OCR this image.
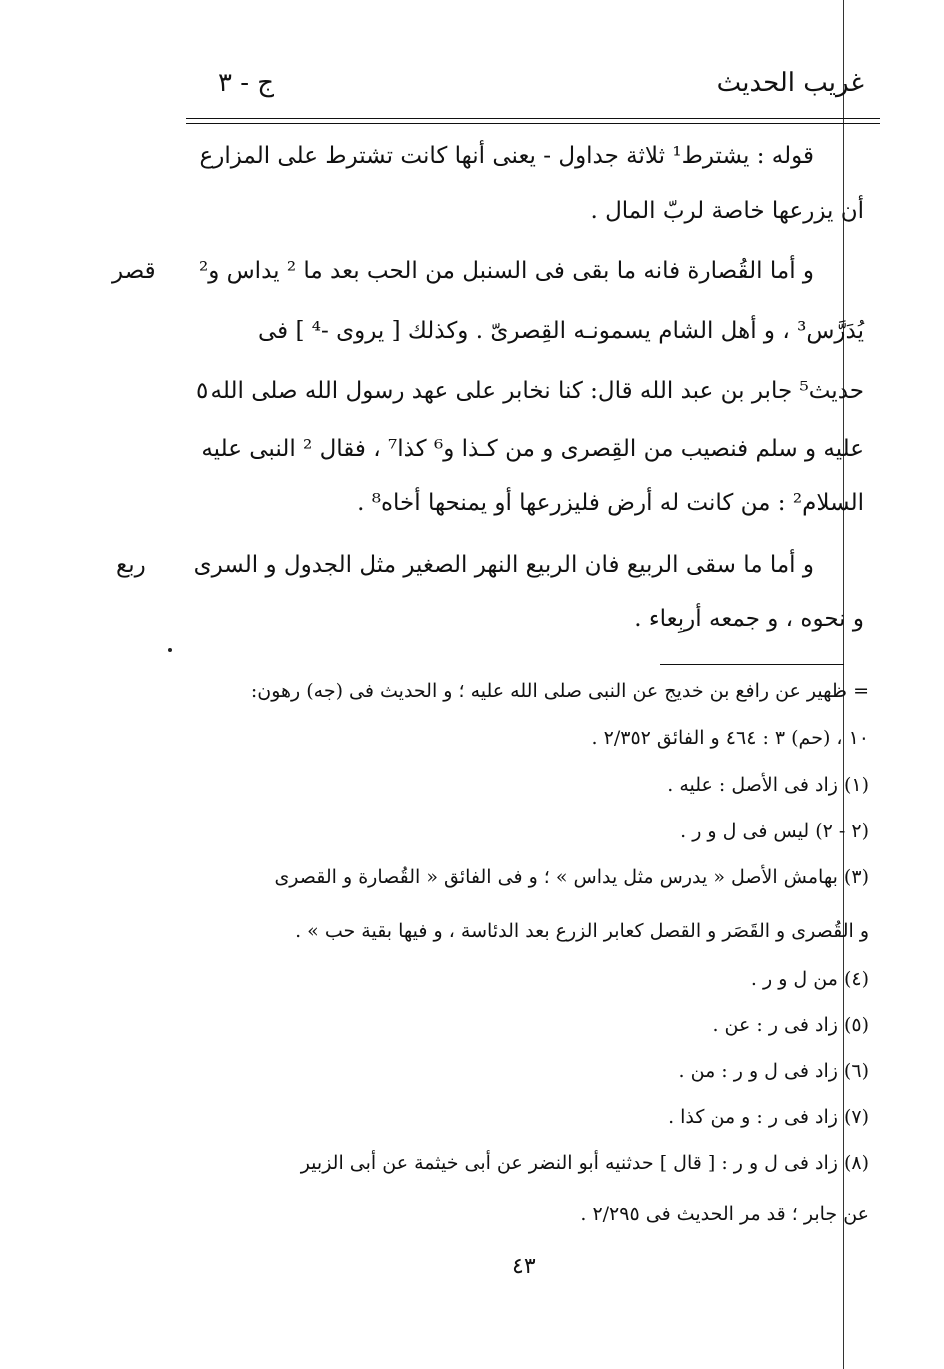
غريب الحديث
ج - ٣
قوله : يشترط¹ ثلاثة جداول - يعنى أنها كانت تشترط على المزارع
أن يزرعها خاصة لربّ المال .
و أما القُصارة فانه ما بقى فى السنبل من الحب بعد ما ² يداس و²
يُدَرَّس³ ، و أهل الشام يسمونـه القِصرىّ . وكذلك [ يروى -⁴ ] فى
حديث⁵ جابر بن عبد الله قال: كنا نخابر على عهد رسول الله صلى الله
عليه و سلم فنصيب من القِصرى و من كـذا و⁶ كذا⁷ ، فقال ² النبى عليه
السلام² : من كانت له أرض فليزرعها أو يمنحها أخاه⁸ .
و أما ما سقى الربيع فان الربيع النهر الصغير مثل الجدول و السرى
و نحوه ، و جمعه أربِعاء .
قصر
٥
ربع
= ظهير عن رافع بن خديج عن النبى صلى الله عليه ؛ و الحديث فى (جه) رهون:
١٠ ، (حم) ٣ : ٤٦٤ و الفائق ٢/٣٥٢ .
(١) زاد فى الأصل : عليه .
(٢ - ٢) ليس فى ل و ر .
(٣) بهامش الأصل « يدرس مثل يداس » ؛ و فى الفائق « القُصارة و القصرى
و القُصرى و القَصَر و القصل كعابر الزرع بعد الدئاسة ، و فيها بقية حب » .
(٤) من ل و ر .
(٥) زاد فى ر : عن .
(٦) زاد فى ل و ر : من .
(٧) زاد فى ر : و من كذا .
(٨) زاد فى ل و ر : [ قال ] حدثنيه أبو النضر عن أبى خيثمة عن أبى الزبير
عن جابر ؛ قد مر الحديث فى ٢/٢٩٥ .
٤٣
